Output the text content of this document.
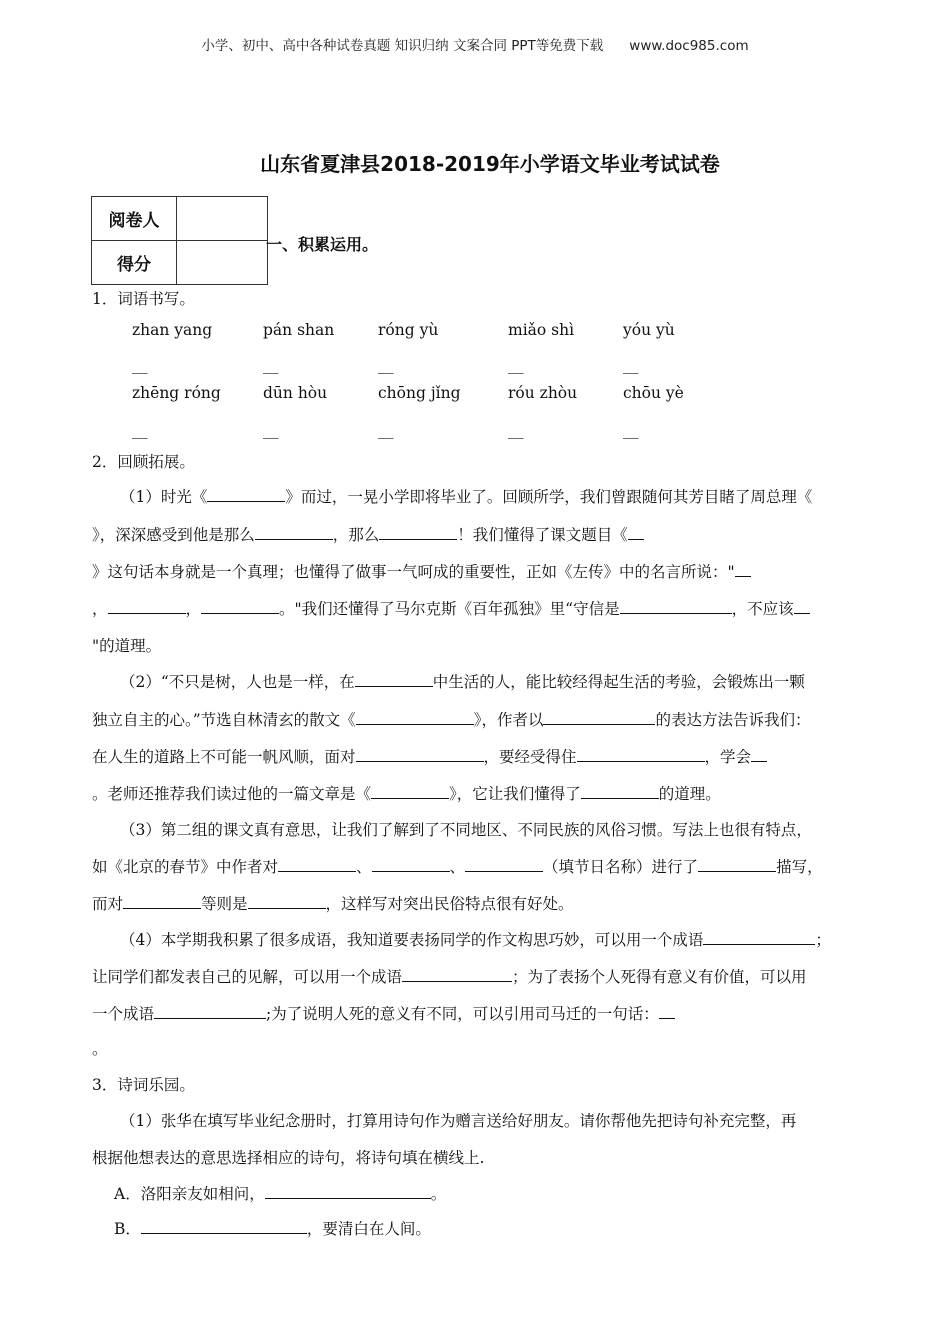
小学、初中、高中各种试卷真题 知识归纳 文案合同 PPT等免费下载 www.doc985.com
山东省夏津县2018-2019年小学语文毕业考试试卷
阅卷人	
得分	
一、积累运用。
1．词语书写。
zhan yang	pán shan	róng yù	miǎo shì	yóu yù
__	__	__	__	__
zhēng róng	dūn hòu	chōng jǐng	róu zhòu	chōu yè
__	__	__	__	__
2．回顾拓展。
（1）时光《	》而过，一晃小学即将毕业了。回顾所学，我们曾跟随何其芳目睹了周总理《
》，深深感受到他是那么	，那么	！我们懂得了课文题目《
》这句话本身就是一个真理；也懂得了做事一气呵成的重要性，正如《左传》中的名言所说："
，	，	。"我们还懂得了马尔克斯《百年孤独》里“守信是	，不应该
"的道理。
（2）“不只是树，人也是一样，在	中生活的人，能比较经得起生活的考验，会锻炼出一颗
独立自主的心。”节选自林清玄的散文《	》，作者以	的表达方法告诉我们：
在人生的道路上不可能一帆风顺，面对	，要经受得住	，学会
。老师还推荐我们读过他的一篇文章是《	》，它让我们懂得了	的道理。
（3）第二组的课文真有意思，让我们了解到了不同地区、不同民族的风俗习惯。写法上也很有特点，
如《北京的春节》中作者对	、	、	（填节日名称）进行了	描写，
而对	等则是	，这样写对突出民俗特点很有好处。
（4）本学期我积累了很多成语，我知道要表扬同学的作文构思巧妙，可以用一个成语	；
让同学们都发表自己的见解，可以用一个成语	；为了表扬个人死得有意义有价值，可以用
一个成语	;为了说明人死的意义有不同，可以引用司马迁的一句话：
。
3．诗词乐园。
（1）张华在填写毕业纪念册时，打算用诗句作为赠言送给好朋友。请你帮他先把诗句补充完整，再
根据他想表达的意思选择相应的诗句，将诗句填在横线上.
A．洛阳亲友如相问，	。
B．	，要清白在人间。
